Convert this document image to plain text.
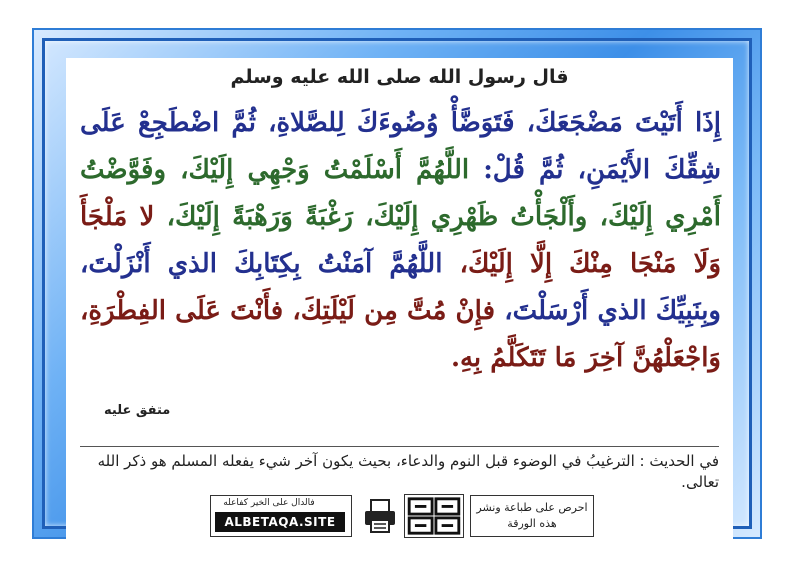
قال رسول الله صلى الله عليه وسلم
إِذَا أَتَيْتَ مَضْجَعَكَ، فَتَوَضَّأْ وُضُوءَكَ لِلصَّلاةِ، ثُمَّ اضْطَجِعْ عَلَى شِقِّكَ الأَيْمَنِ، ثُمَّ قُلْ: اللَّهُمَّ أَسْلَمْتُ وَجْهِي إِلَيْكَ، وفَوَّضْتُ أَمْرِي إِلَيْكَ، وأَلْجَأْتُ ظَهْرِي إِلَيْكَ، رَغْبَةً وَرَهْبَةً إِلَيْكَ، لا مَلْجَأَ وَلَا مَنْجَا مِنْكَ إِلَّا إِلَيْكَ، اللَّهُمَّ آمَنْتُ بِكِتَابِكَ الذي أَنْزَلْتَ، وبِنَبِيِّكَ الذي أَرْسَلْتَ، فإِنْ مُتَّ مِن لَيْلَتِكَ، فأَنْتَ عَلَى الفِطْرَةِ، وَاجْعَلْهُنَّ آخِرَ مَا تَتَكَلَّمُ بِهِ.
متفق عليه
في الحديث : الترغيبُ في الوضوء قبل النوم والدعاء، بحيث يكون آخر شيء يفعله المسلم هو ذكر الله تعالى.
فالدال على الخير كفاعله
ALBETAQA.SITE
احرص على طباعة ونشر هذه الورقة
